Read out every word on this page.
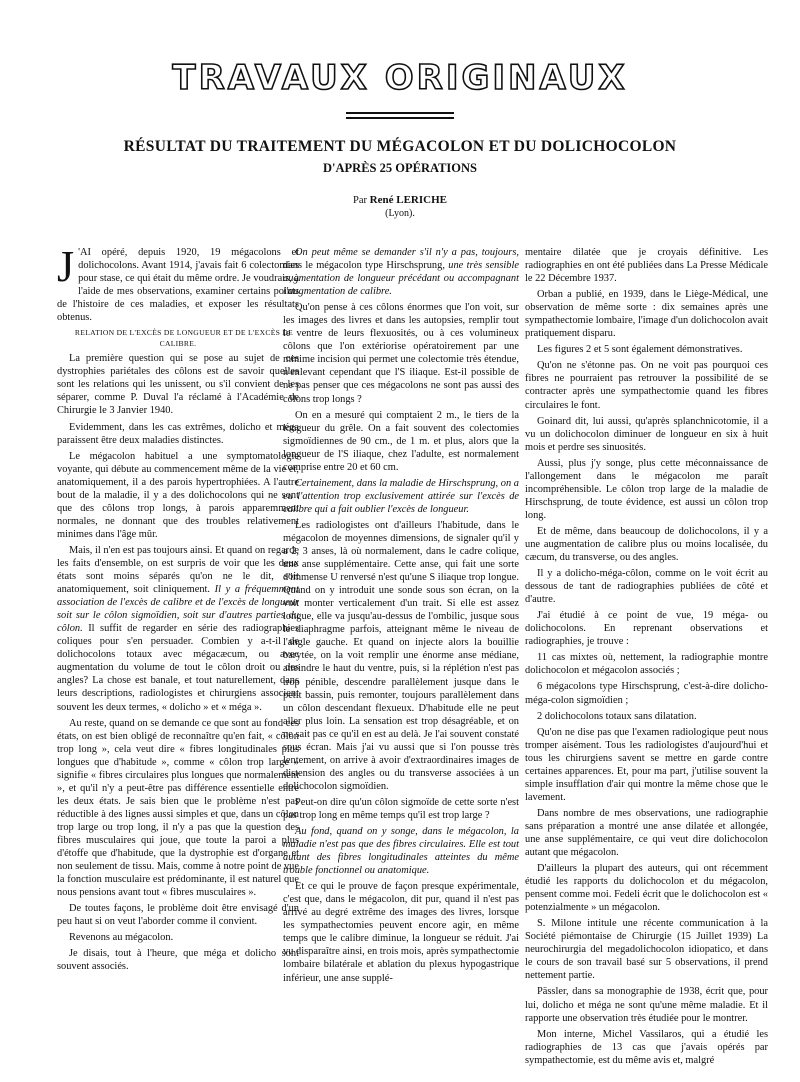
TRAVAUX ORIGINAUX
RÉSULTAT DU TRAITEMENT DU MÉGACOLON ET DU DOLICHOCOLON
D'APRÈS 25 OPÉRATIONS
Par René LERICHE
(Lyon).

J 'AI opéré, depuis 1920, 19 mégacolons et dolichocolons. Avant 1914, j'avais fait 6 colectomies pour stase, ce qui était du même ordre. Je voudrais, à l'aide de mes observations, examiner certains points de l'histoire de ces maladies, et exposer les résultats obtenus.

RELATION DE L'EXCÈS DE LONGUEUR ET DE L'EXCÈS DE CALIBRE.

La première question qui se pose au sujet de ces dystrophies pariétales des côlons est de savoir quelles sont les relations qui les unissent, ou s'il convient de les séparer, comme P. Duval l'a réclamé à l'Académie de Chirurgie le 3 Janvier 1940.

Evidemment, dans les cas extrêmes, dolicho et méga paraissent être deux maladies distinctes.

Le mégacolon habituel a une symptomatologie voyante, qui débute au commencement même de la vie et, anatomiquement, il a des parois hypertrophiées. A l'autre bout de la maladie, il y a des dolichocolons qui ne sont que des côlons trop longs, à parois apparemment normales, ne donnant que des troubles relativement minimes dans l'âge mûr.

Mais, il n'en est pas toujours ainsi. Et quand on regarde les faits d'ensemble, on est surpris de voir que les deux états sont moins séparés qu'on ne le dit, soit anatomiquement, soit cliniquement. Il y a fréquemment association de l'excès de calibre et de l'excès de longueur soit sur le côlon sigmoïdien, soit sur d'autres parties du côlon. Il suffit de regarder en série des radiographies coliques pour s'en persuader. Combien y a-t-il de dolichocolons totaux avec mégacæcum, ou avec augmentation du volume de tout le côlon droit ou des angles? La chose est banale, et tout naturellement, dans leurs descriptions, radiologistes et chirurgiens associent souvent les deux termes, « dolicho » et « méga ».

Au reste, quand on se demande ce que sont au fond ces états, on est bien obligé de reconnaître qu'en fait, « côlon trop long », cela veut dire « fibres longitudinales plus longues que d'habitude », comme « côlon trop large » signifie « fibres circulaires plus longues que normalement », et qu'il n'y a peut-être pas différence essentielle entre les deux états. Je sais bien que le problème n'est pas réductible à des lignes aussi simples et que, dans un côlon trop large ou trop long, il n'y a pas que la question des fibres musculaires qui joue, que toute la paroi a plus d'étoffe que d'habitude, que la dystrophie est d'organe et non seulement de tissu. Mais, comme à notre point de vue la fonction musculaire est prédominante, il est naturel que nous pensions avant tout « fibres musculaires ».

De toutes façons, le problème doit être envisagé d'un peu haut si on veut l'aborder comme il convient.

Revenons au mégacolon.

Je disais, tout à l'heure, que méga et dolicho sont souvent associés.

On peut même se demander s'il n'y a pas, toujours, dans le mégacolon type Hirschsprung, une très sensible augmentation de longueur précédant ou accompagnant l'augmentation de calibre.

Qu'on pense à ces côlons énormes que l'on voit, sur les images des livres et dans les autopsies, remplir tout le ventre de leurs flexuosités, ou à ces volumineux côlons que l'on extériorise opératoirement par une minime incision qui permet une colectomie très étendue, n'enlevant cependant que l'S iliaque. Est-il possible de ne pas penser que ces mégacolons ne sont pas aussi des côlons trop longs ?

On en a mesuré qui comptaient 2 m., le tiers de la longueur du grêle. On a fait souvent des colectomies sigmoïdiennes de 90 cm., de 1 m. et plus, alors que la longueur de l'S iliaque, chez l'adulte, est normalement comprise entre 20 et 60 cm.

Certainement, dans la maladie de Hirschsprung, on a eu l'attention trop exclusivement attirée sur l'excès de calibre qui a fait oublier l'excès de longueur.

Les radiologistes ont d'ailleurs l'habitude, dans le mégacolon de moyennes dimensions, de signaler qu'il y a 2, 3 anses, là où normalement, dans le cadre colique, une anse supplémentaire. Cette anse, qui fait une sorte d'immense U renversé n'est qu'une S iliaque trop longue. Quand on y introduit une sonde sous son écran, on la voit monter verticalement d'un trait. Si elle est assez longue, elle va jusqu'au-dessus de l'ombilic, jusque sous le diaphragme parfois, atteignant même le niveau de l'angle gauche. Et quand on injecte alors la bouillie barytée, on la voit remplir une énorme anse médiane, atteindre le haut du ventre, puis, si la réplétion n'est pas trop pénible, descendre parallèlement jusque dans le petit bassin, puis remonter, toujours parallèlement dans un côlon descendant flexueux. D'habitude elle ne peut aller plus loin. La sensation est trop désagréable, et on ne sait pas ce qu'il en est au delà. Je l'ai souvent constaté sous écran. Mais j'ai vu aussi que si l'on pousse très lentement, on arrive à avoir d'extraordinaires images de distension des angles ou du transverse associées à un dolichocolon sigmoïdien.

Peut-on dire qu'un côlon sigmoïde de cette sorte n'est pas trop long en même temps qu'il est trop large ?

Au fond, quand on y songe, dans le mégacolon, la maladie n'est pas que des fibres circulaires. Elle est tout autant des fibres longitudinales atteintes du même trouble fonctionnel ou anatomique.

Et ce qui le prouve de façon presque expérimentale, c'est que, dans le mégacolon, dit pur, quand il n'est pas arrivé au degré extrême des images des livres, lorsque les sympathectomies peuvent encore agir, en même temps que le calibre diminue, la longueur se réduit. J'ai vu disparaître ainsi, en trois mois, après sympathectomie lombaire bilatérale et ablation du plexus hypogastrique inférieur, une anse supplé-

mentaire dilatée que je croyais définitive. Les radiographies en ont été publiées dans La Presse Médicale le 22 Décembre 1937.

Orban a publié, en 1939, dans le Liège-Médical, une observation de même sorte : dix semaines après une sympathectomie lombaire, l'image d'un dolichocolon avait pratiquement disparu.

Les figures 2 et 5 sont également démonstratives.

Qu'on ne s'étonne pas. On ne voit pas pourquoi ces fibres ne pourraient pas retrouver la possibilité de se contracter après une sympathectomie quand les fibres circulaires le font.

Goinard dit, lui aussi, qu'après splanchnicotomie, il a vu un dolichocolon diminuer de longueur en six à huit mois et perdre ses sinuosités.

Aussi, plus j'y songe, plus cette méconnaissance de l'allongement dans le mégacolon me paraît incompréhensible. Le côlon trop large de la maladie de Hirschsprung, de toute évidence, est aussi un côlon trop long.

Et de même, dans beaucoup de dolichocolons, il y a une augmentation de calibre plus ou moins localisée, du cæcum, du transverse, ou des angles.

Il y a dolicho-méga-côlon, comme on le voit écrit au dessous de tant de radiographies publiées de côté et d'autre.

J'ai étudié à ce point de vue, 19 méga- ou dolichocolons. En reprenant observations et radiographies, je trouve :

11 cas mixtes où, nettement, la radiographie montre dolichocolon et mégacolon associés ;

6 mégacolons type Hirschsprung, c'est-à-dire dolicho-méga-colon sigmoïdien ;

2 dolichocolons totaux sans dilatation.

Qu'on ne dise pas que l'examen radiologique peut nous tromper aisément. Tous les radiologistes d'aujourd'hui et tous les chirurgiens savent se mettre en garde contre certaines apparences. Et, pour ma part, j'utilise souvent la simple insufflation d'air qui montre la même chose que le lavement.

Dans nombre de mes observations, une radiographie sans préparation a montré une anse dilatée et allongée, une anse supplémentaire, ce qui veut dire dolichocolon autant que mégacolon.

D'ailleurs la plupart des auteurs, qui ont récemment étudié les rapports du dolichocolon et du mégacolon, pensent comme moi. Fedeli écrit que le dolichocolon est « potenzialmente » un mégacolon.

S. Milone intitule une récente communication à la Société piémontaise de Chirurgie (15 Juillet 1939) La neurochirurgia del megadolichocolon idiopatico, et dans le cours de son travail basé sur 5 observations, il prend nettement partie.

Pässler, dans sa monographie de 1938, écrit que, pour lui, dolicho et méga ne sont qu'une même maladie. Et il rapporte une observation très étudiée pour le montrer.

Mon interne, Michel Vassilaros, qui a étudié les radiographies de 13 cas que j'avais opérés par sympathectomie, est du même avis et, malgré
